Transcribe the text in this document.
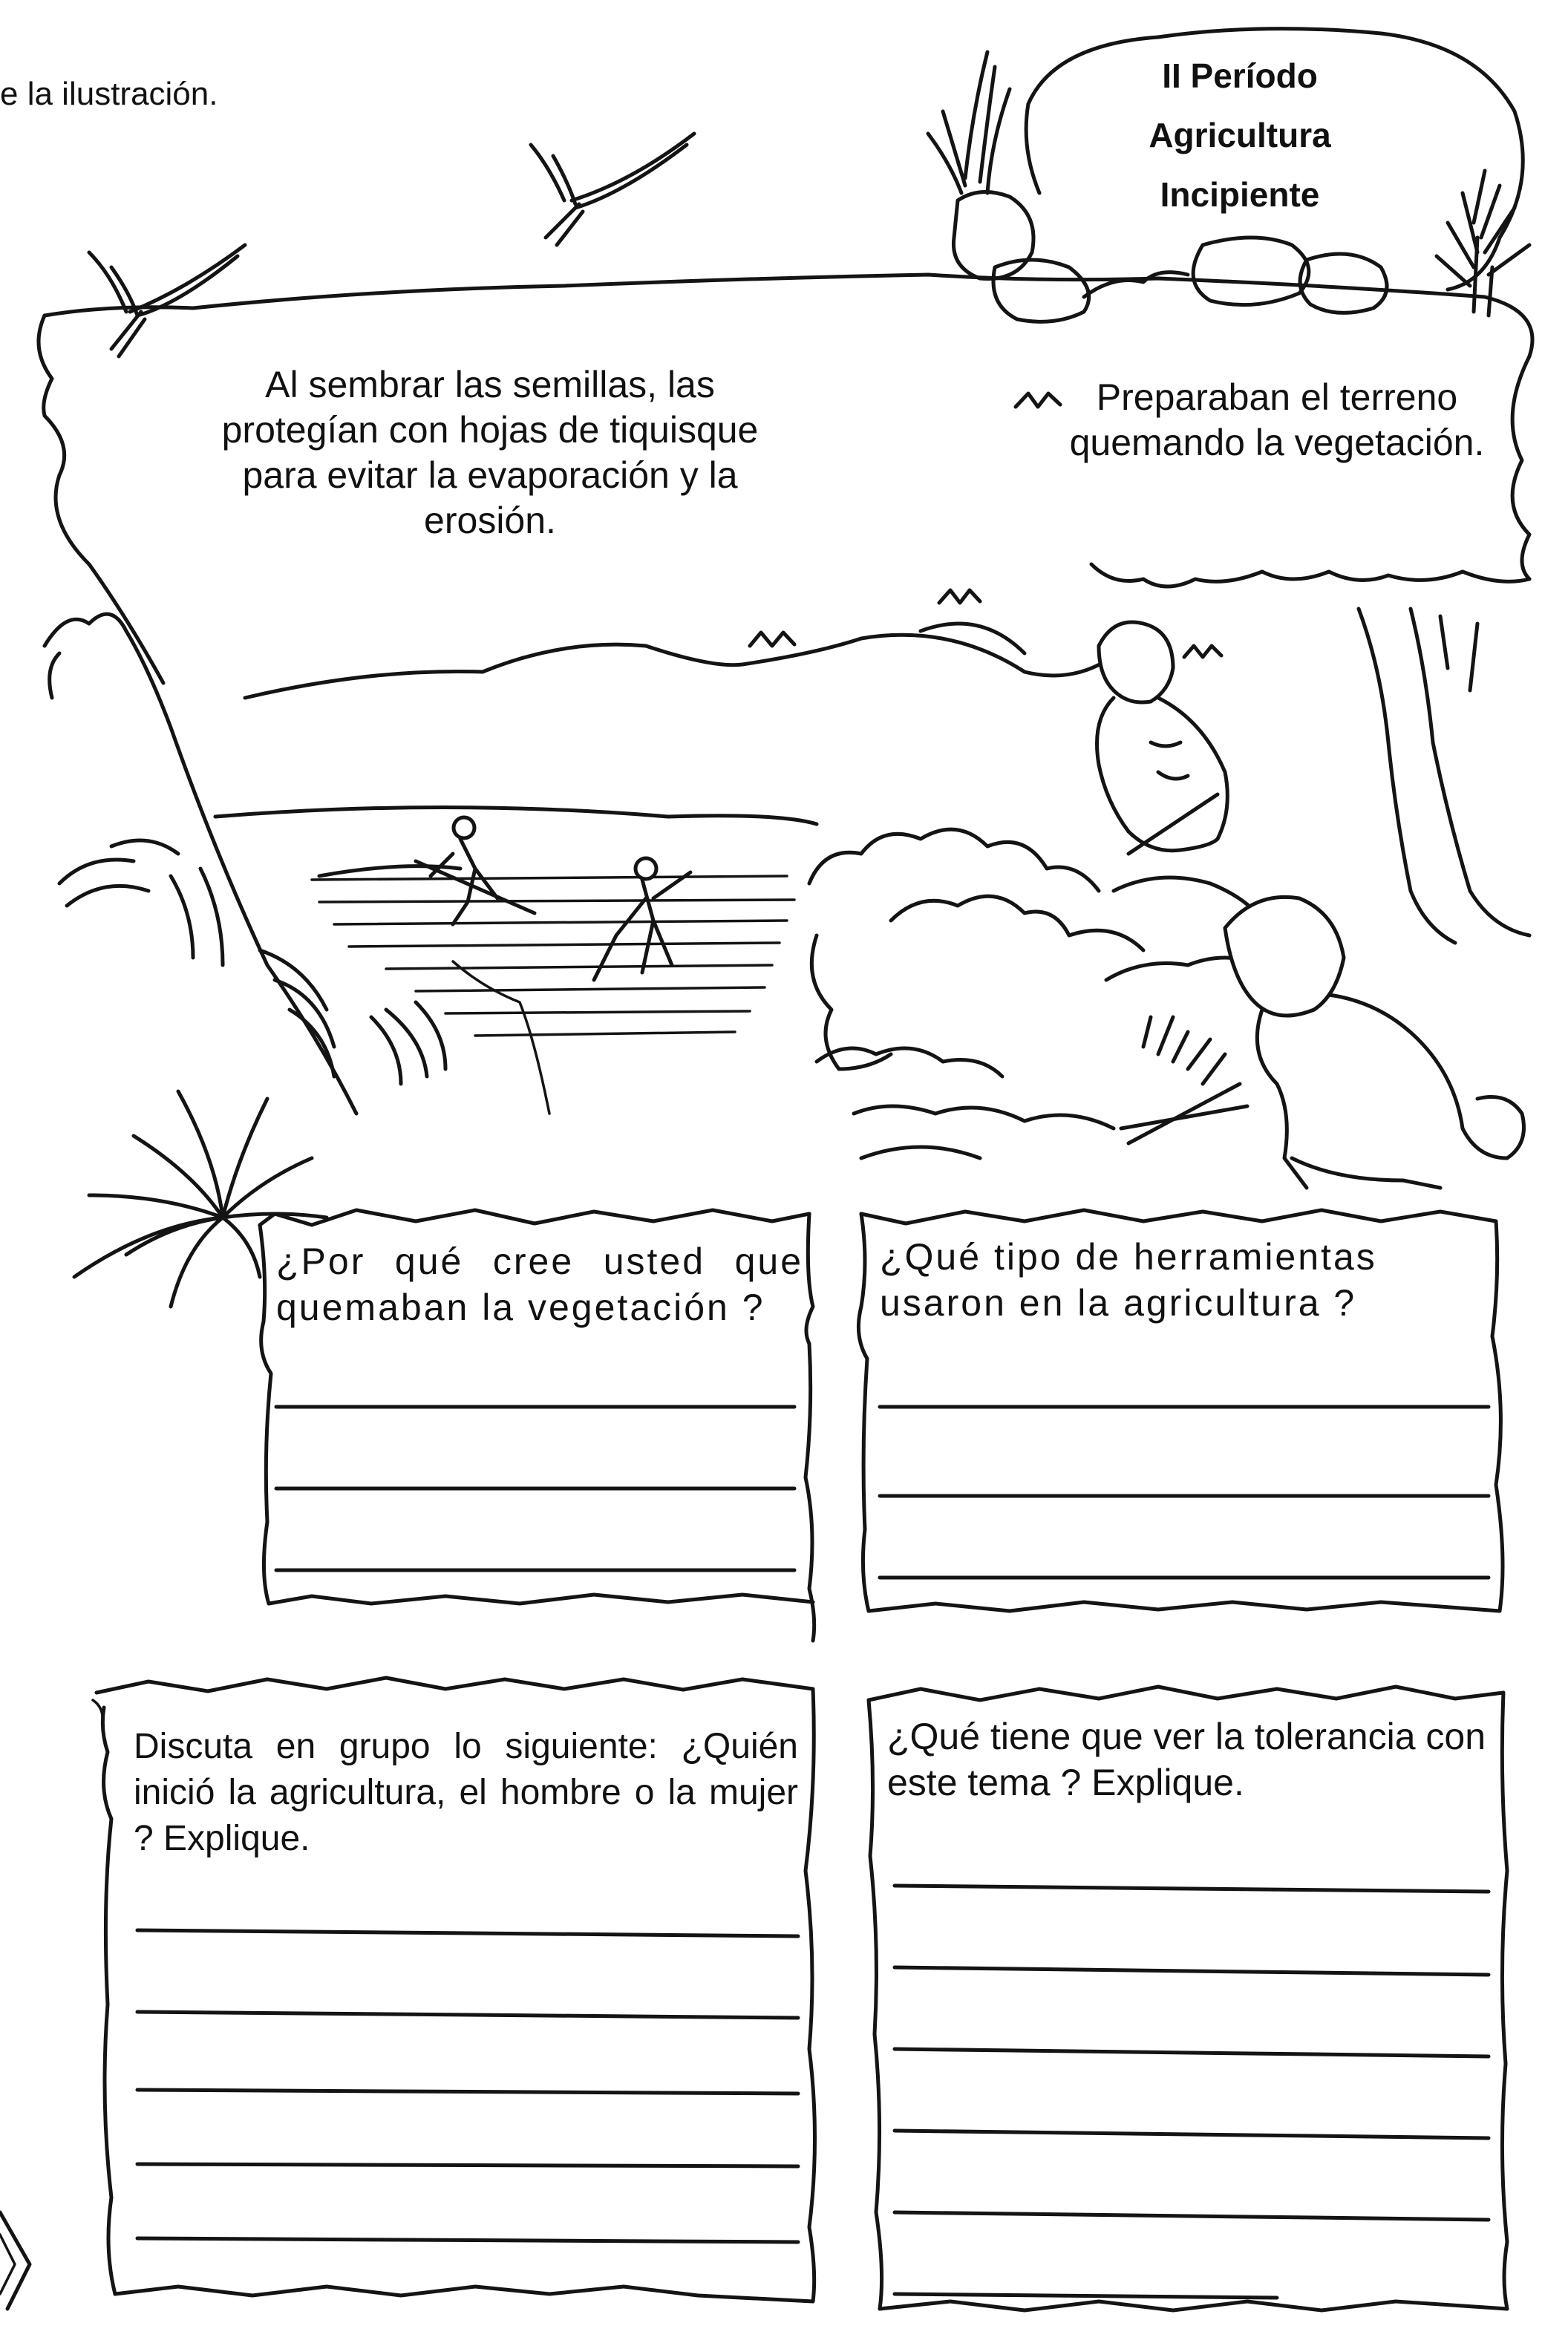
e la ilustración.	II Período
Agricultura
Incipiente
Al sembrar las semillas, las protegían con hojas de tiquisque para evitar la evaporación y la erosión.
Preparaban el terreno quemando la vegetación.
¿Por qué cree usted que quemaban la vegetación ?
¿Qué tipo de herramientas usaron en la agricultura ?
Discuta en grupo lo siguiente: ¿Quién inició la agricultura, el hombre o la mujer ? Explique.
¿Qué tiene que ver la tolerancia con este tema ? Explique.
